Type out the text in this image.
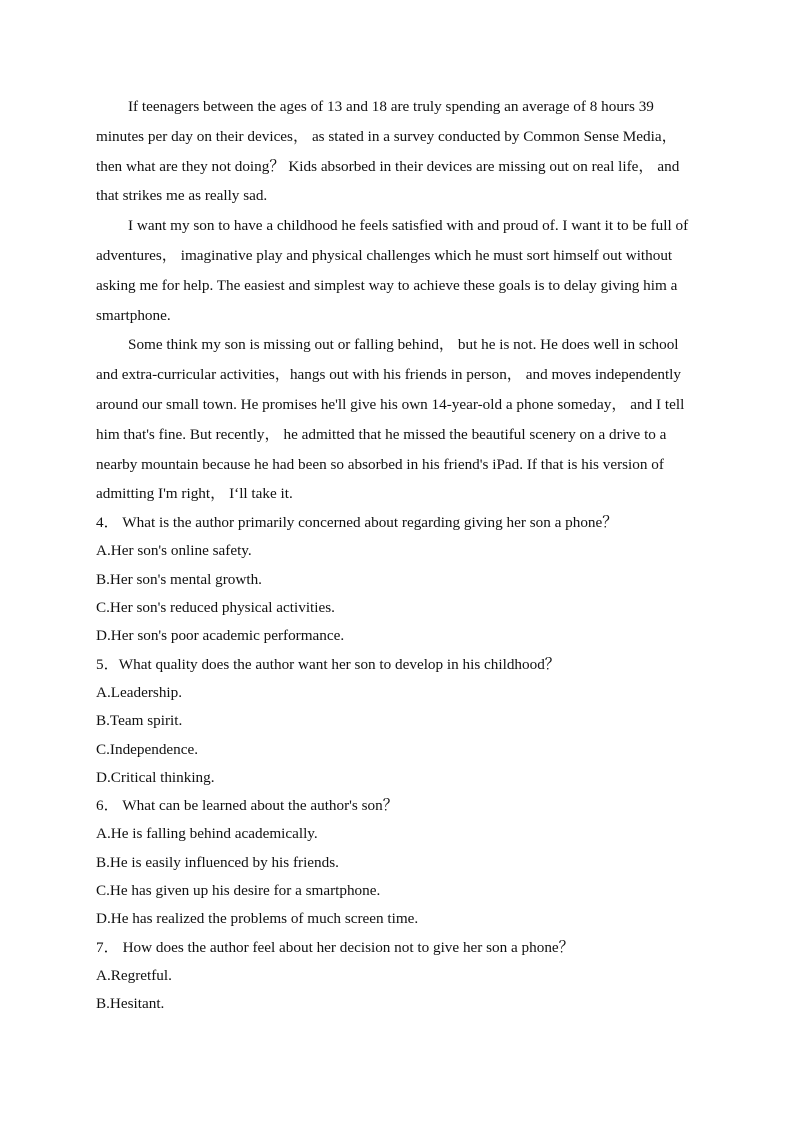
If teenagers between the ages of 13 and 18 are truly spending an average of 8 hours 39 minutes per day on their devices， as stated in a survey conducted by Common Sense Media， then what are they not doing？ Kids absorbed in their devices are missing out on real life， and that strikes me as really sad.

I want my son to have a childhood he feels satisfied with and proud of. I want it to be full of adventures， imaginative play and physical challenges which he must sort himself out without asking me for help. The easiest and simplest way to achieve these goals is to delay giving him a smartphone.

Some think my son is missing out or falling behind， but he is not. He does well in school and extra-curricular activities，hangs out with his friends in person， and moves independently around our small town. He promises he'll give his own 14-year-old a phone someday， and I tell him that's fine. But recently， he admitted that he missed the beautiful scenery on a drive to a nearby mountain because he had been so absorbed in his friend's iPad. If that is his version of admitting I'm right， I‘ll take it.

4． What is the author primarily concerned about regarding giving her son a phone？

A.Her son's online safety.

B.Her son's mental growth.

C.Her son's reduced physical activities.

D.Her son's poor academic performance.

5．What quality does the author want her son to develop in his childhood？

A.Leadership.

B.Team spirit.

C.Independence.

D.Critical thinking.

6． What can be learned about the author's son？

A.He is falling behind academically.

B.He is easily influenced by his friends.

C.He has given up his desire for a smartphone.

D.He has realized the problems of much screen time.

7． How does the author feel about her decision not to give her son a phone？

A.Regretful.

B.Hesitant.
